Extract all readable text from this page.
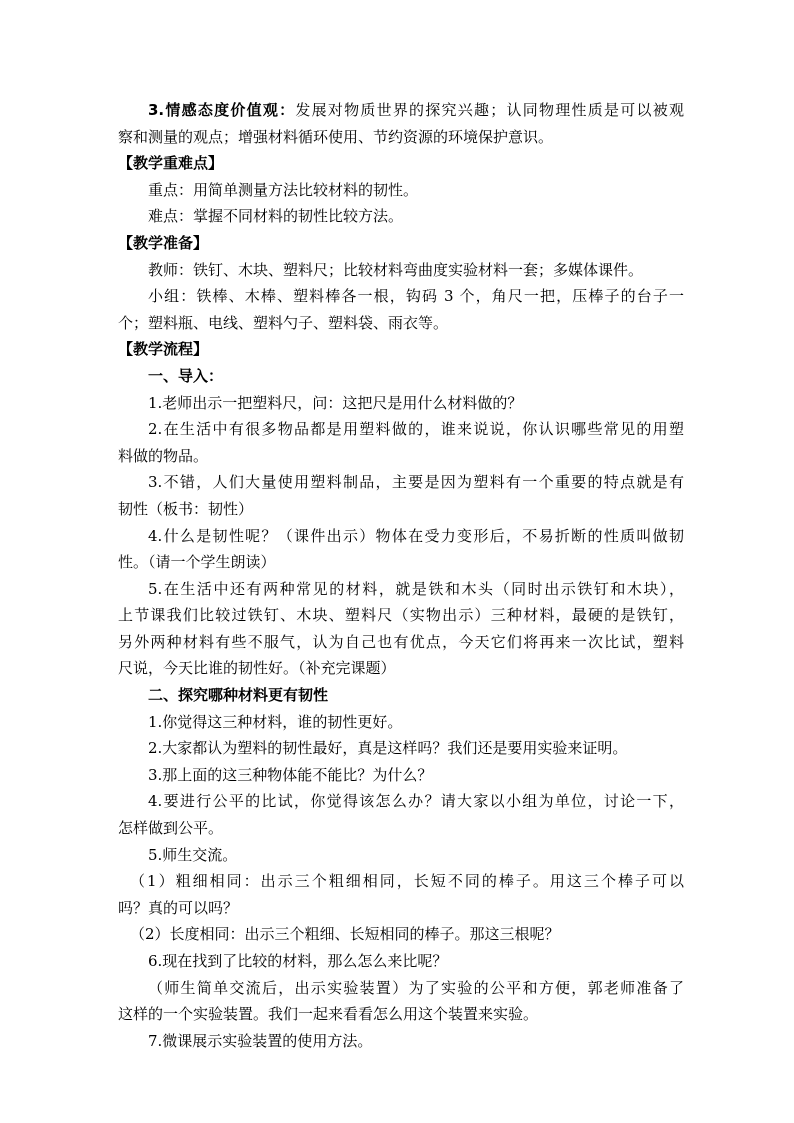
3.情感态度价值观：发展对物质世界的探究兴趣；认同物理性质是可以被观

察和测量的观点；增强材料循环使用、节约资源的环境保护意识。

【教学重难点】

重点：用简单测量方法比较材料的韧性。

难点：掌握不同材料的韧性比较方法。

【教学准备】

教师：铁钉、木块、塑料尺；比较材料弯曲度实验材料一套；多媒体课件。

小组：铁棒、木棒、塑料棒各一根，钩码 3 个，角尺一把，压棒子的台子一

个；塑料瓶、电线、塑料勺子、塑料袋、雨衣等。

【教学流程】

一、导入：

1.老师出示一把塑料尺，问：这把尺是用什么材料做的？

2.在生活中有很多物品都是用塑料做的，谁来说说，你认识哪些常见的用塑

料做的物品。

3.不错，人们大量使用塑料制品，主要是因为塑料有一个重要的特点就是有

韧性（板书：韧性）

4.什么是韧性呢？（课件出示）物体在受力变形后，不易折断的性质叫做韧

性。（请一个学生朗读）

5.在生活中还有两种常见的材料，就是铁和木头（同时出示铁钉和木块），

上节课我们比较过铁钉、木块、塑料尺（实物出示）三种材料，最硬的是铁钉，

另外两种材料有些不服气，认为自己也有优点，今天它们将再来一次比试，塑料

尺说，今天比谁的韧性好。（补充完课题）

二、探究哪种材料更有韧性

1.你觉得这三种材料，谁的韧性更好。

2.大家都认为塑料的韧性最好，真是这样吗？我们还是要用实验来证明。

3.那上面的这三种物体能不能比？为什么？

4.要进行公平的比试，你觉得该怎么办？请大家以小组为单位，讨论一下，

怎样做到公平。

5.师生交流。

（1）粗细相同：出示三个粗细相同，长短不同的棒子。用这三个棒子可以

吗？真的可以吗？

（2）长度相同：出示三个粗细、长短相同的棒子。那这三根呢？

6.现在找到了比较的材料，那么怎么来比呢？

（师生简单交流后，出示实验装置）为了实验的公平和方便，郭老师准备了

这样的一个实验装置。我们一起来看看怎么用这个装置来实验。

7.微课展示实验装置的使用方法。
